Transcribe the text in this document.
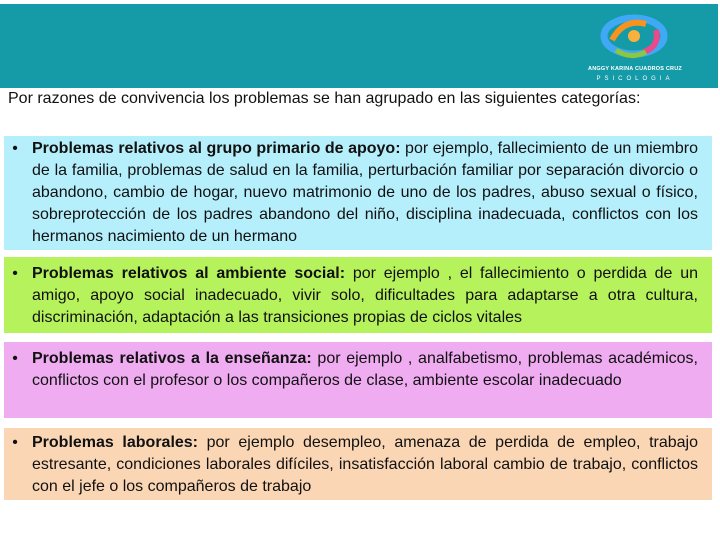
ANGGY KARINA CUADROS CRUZ
PSICOLOGIA
Por razones de convivencia los problemas se han agrupado en las siguientes categorías:
• Problemas relativos al grupo primario de apoyo: por ejemplo, fallecimiento de un miembro de la familia, problemas de salud en la familia, perturbación familiar por separación divorcio o abandono, cambio de hogar, nuevo matrimonio de uno de los padres, abuso sexual o físico, sobreprotección de los padres abandono del niño, disciplina inadecuada, conflictos con los hermanos nacimiento de un hermano
• Problemas relativos al ambiente social: por ejemplo , el fallecimiento o perdida de un amigo, apoyo social inadecuado, vivir solo, dificultades para adaptarse a otra cultura, discriminación, adaptación a las transiciones propias de ciclos vitales
• Problemas relativos a la enseñanza: por ejemplo , analfabetismo, problemas académicos, conflictos con el profesor o los compañeros de clase, ambiente escolar inadecuado
• Problemas laborales: por ejemplo desempleo, amenaza de perdida de empleo, trabajo estresante, condiciones laborales difíciles, insatisfacción laboral cambio de trabajo, conflictos con el jefe o los compañeros de trabajo
